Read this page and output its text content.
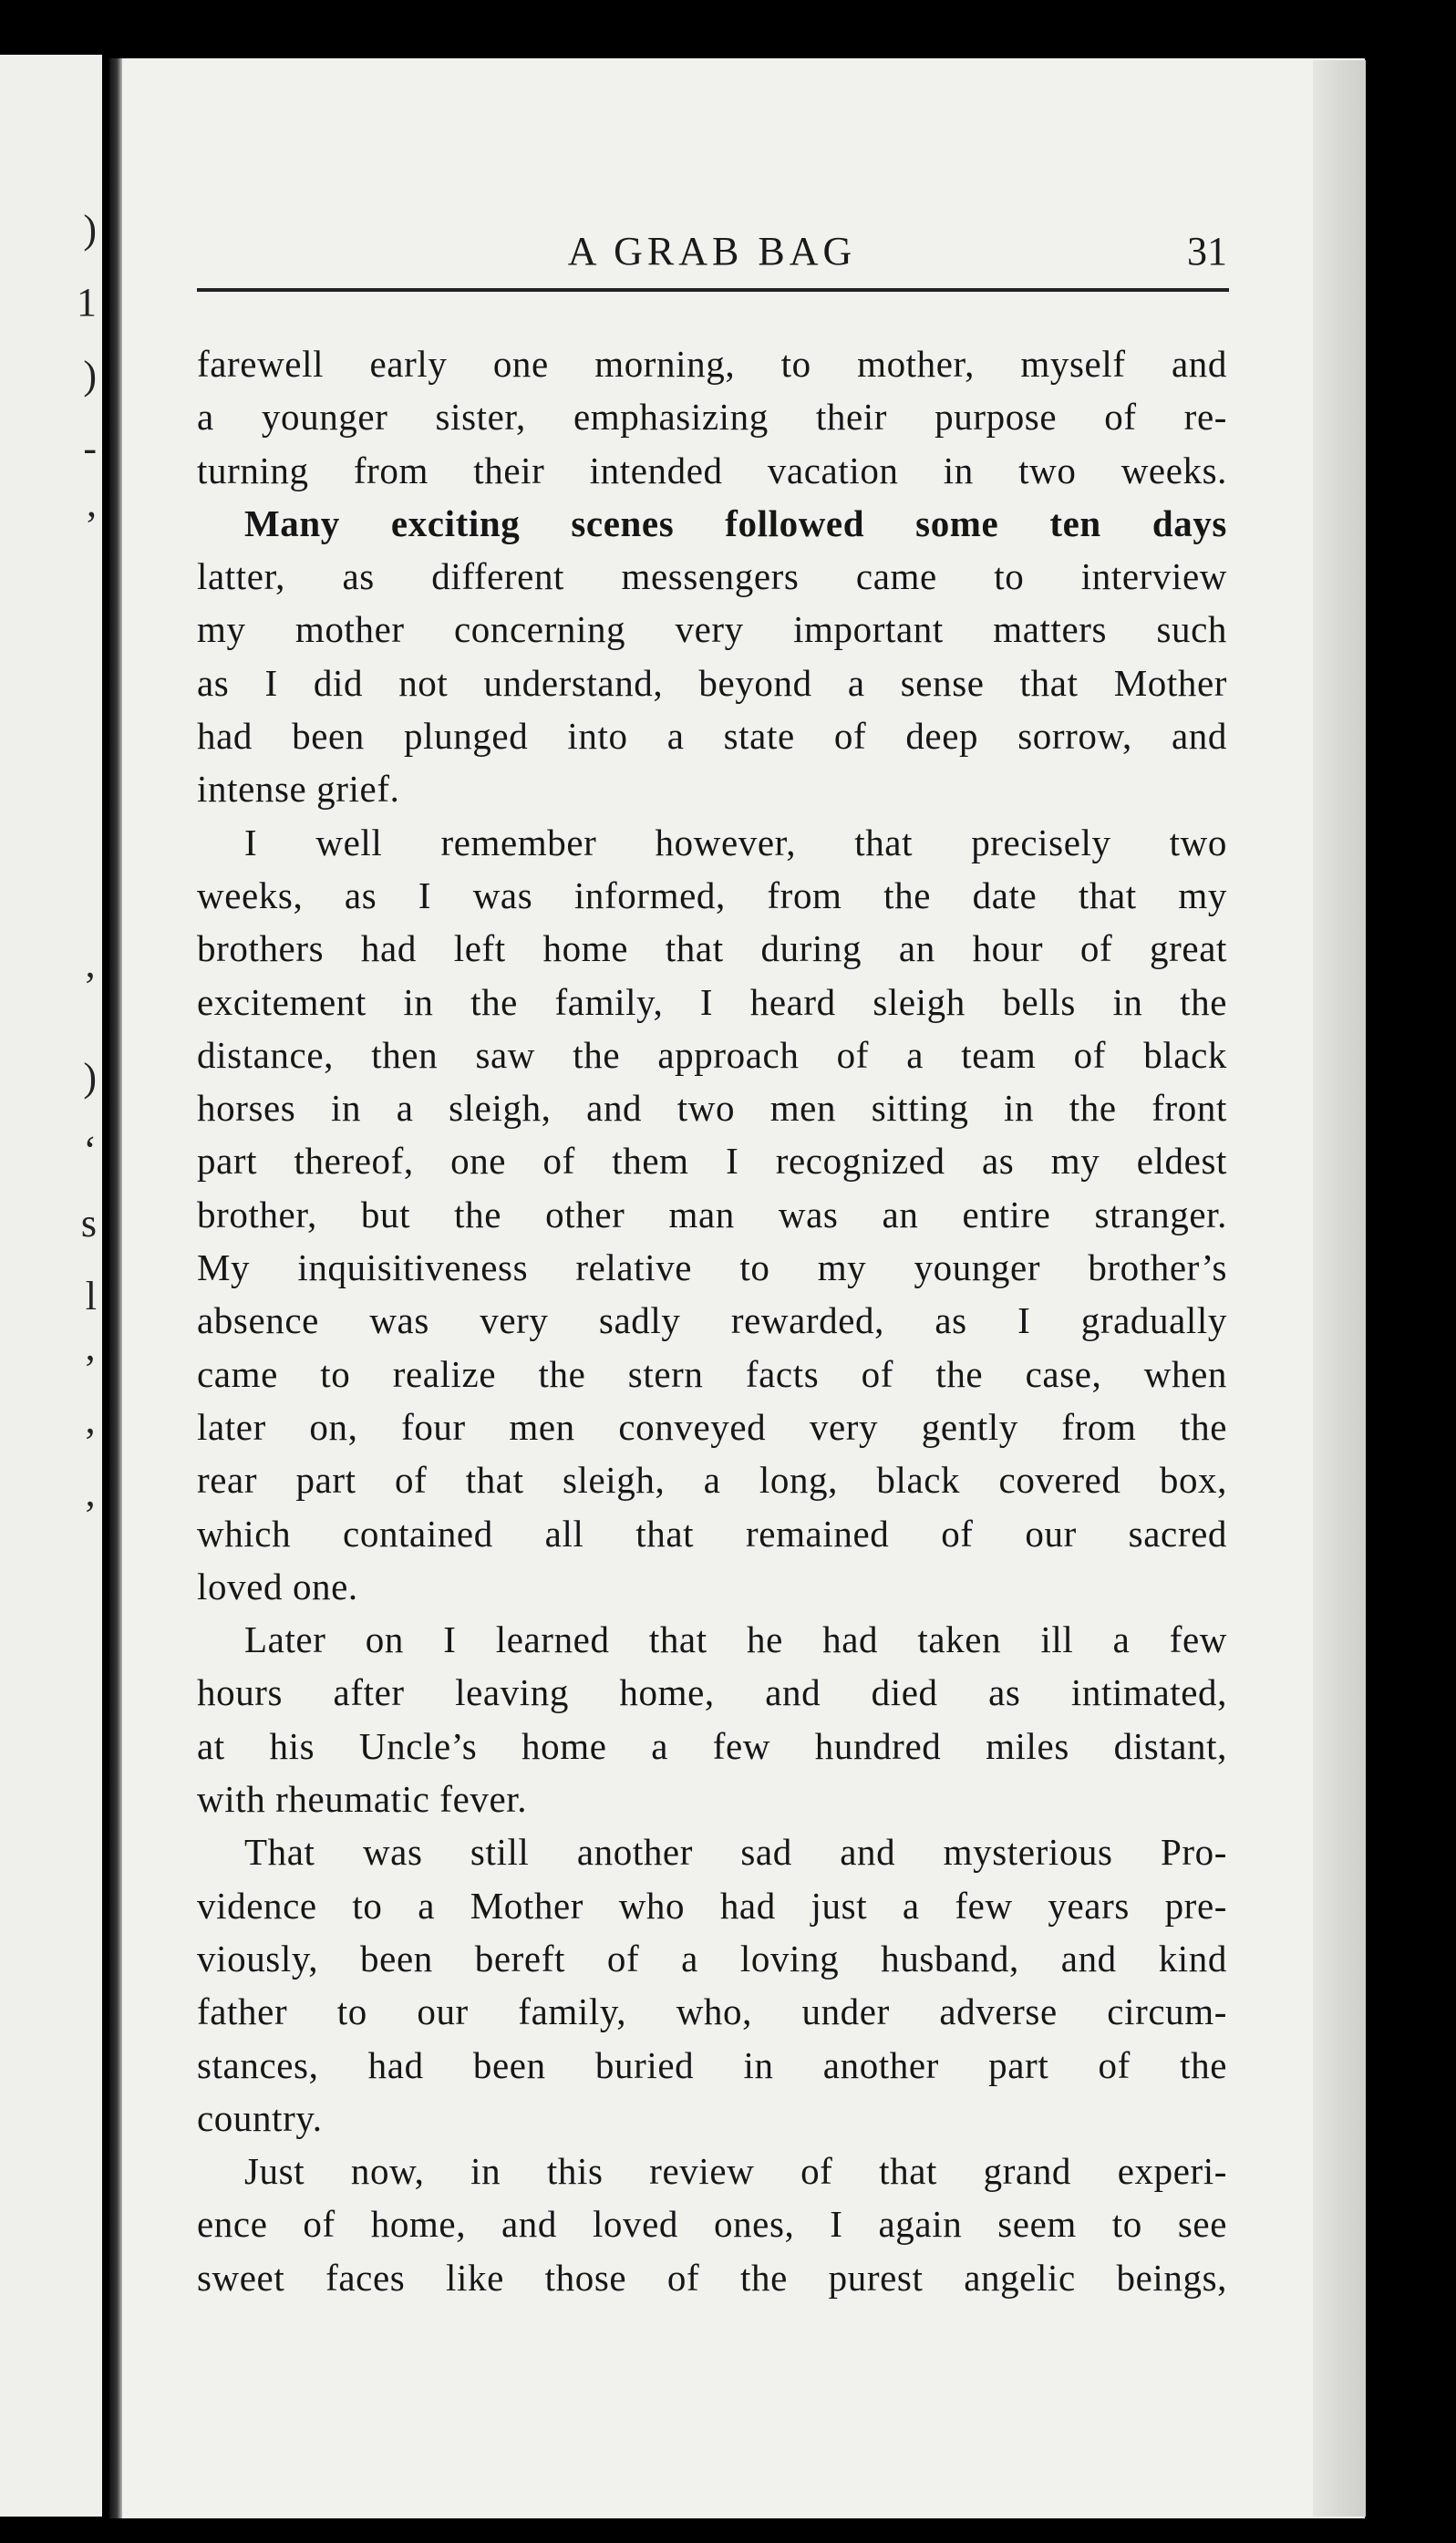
)
1
)
-
,
’
)
‘
s
l
’
’
’
A GRAB BAG	31
farewell early one morning, to mother, myself and
a younger sister, emphasizing their purpose of re-
turning from their intended vacation in two weeks.
Many exciting scenes followed some ten days
latter, as different messengers came to interview
my mother concerning very important matters such
as I did not understand, beyond a sense that Mother
had been plunged into a state of deep sorrow, and
intense grief.
I well remember however, that precisely two
weeks, as I was informed, from the date that my
brothers had left home that during an hour of great
excitement in the family, I heard sleigh bells in the
distance, then saw the approach of a team of black
horses in a sleigh, and two men sitting in the front
part thereof, one of them I recognized as my eldest
brother, but the other man was an entire stranger.
My inquisitiveness relative to my younger brother’s
absence was very sadly rewarded, as I gradually
came to realize the stern facts of the case, when
later on, four men conveyed very gently from the
rear part of that sleigh, a long, black covered box,
which contained all that remained of our sacred
loved one.
Later on I learned that he had taken ill a few
hours after leaving home, and died as intimated,
at his Uncle’s home a few hundred miles distant,
with rheumatic fever.
That was still another sad and mysterious Pro-
vidence to a Mother who had just a few years pre-
viously, been bereft of a loving husband, and kind
father to our family, who, under adverse circum-
stances, had been buried in another part of the
country.
Just now, in this review of that grand experi-
ence of home, and loved ones, I again seem to see
sweet faces like those of the purest angelic beings,
